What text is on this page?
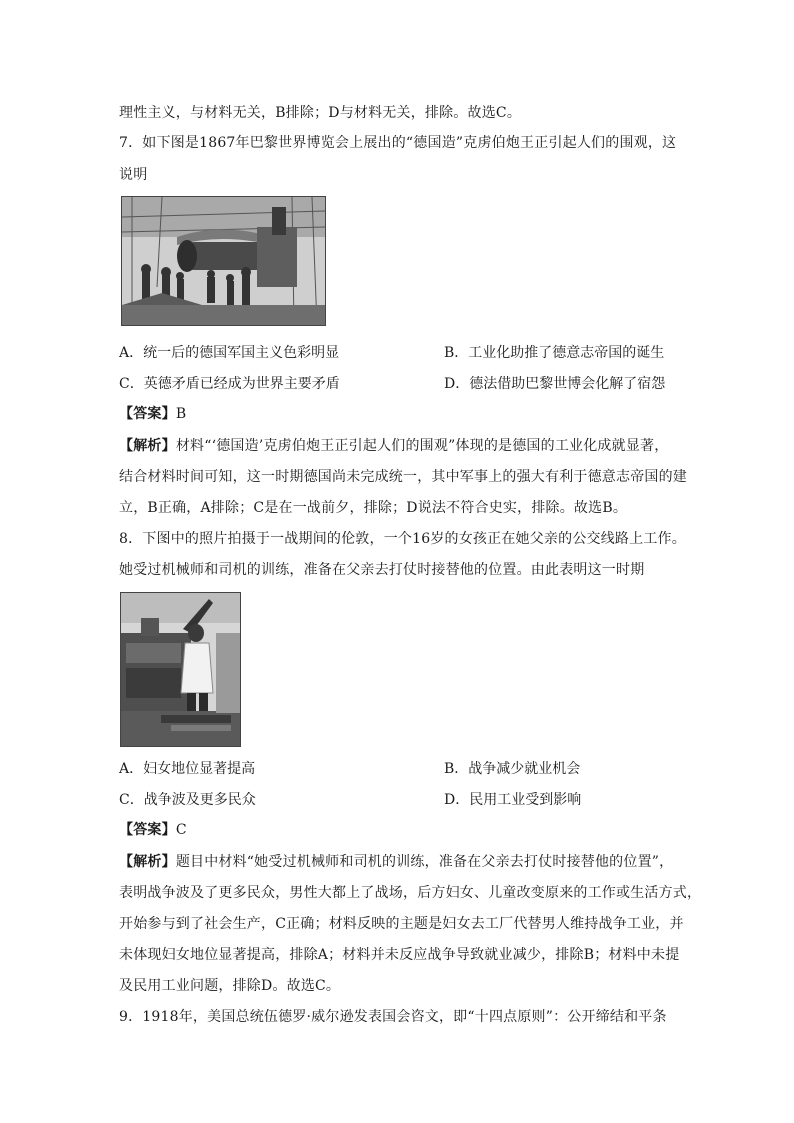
理性主义，与材料无关，B排除；D与材料无关，排除。故选C。
7．如下图是1867年巴黎世界博览会上展出的“德国造”克虏伯炮王正引起人们的围观，这
说明
A．统一后的德国军国主义色彩明显	B．工业化助推了德意志帝国的诞生
C．英德矛盾已经成为世界主要矛盾	D．德法借助巴黎世博会化解了宿怨
【答案】B
【解析】材料“‘德国造’克虏伯炮王正引起人们的围观”体现的是德国的工业化成就显著，
结合材料时间可知，这一时期德国尚未完成统一，其中军事上的强大有利于德意志帝国的建
立，B正确，A排除；C是在一战前夕，排除；D说法不符合史实，排除。故选B。
8．下图中的照片拍摄于一战期间的伦敦，一个16岁的女孩正在她父亲的公交线路上工作。
她受过机械师和司机的训练，准备在父亲去打仗时接替他的位置。由此表明这一时期
A．妇女地位显著提高	B．战争减少就业机会
C．战争波及更多民众	D．民用工业受到影响
【答案】C
【解析】题目中材料“她受过机械师和司机的训练，准备在父亲去打仗时接替他的位置”，
表明战争波及了更多民众，男性大都上了战场，后方妇女、儿童改变原来的工作或生活方式，
开始参与到了社会生产，C正确；材料反映的主题是妇女去工厂代替男人维持战争工业，并
未体现妇女地位显著提高，排除A；材料并未反应战争导致就业减少，排除B；材料中未提
及民用工业问题，排除D。故选C。
9．1918年，美国总统伍德罗·威尔逊发表国会咨文，即“十四点原则”：公开缔结和平条
